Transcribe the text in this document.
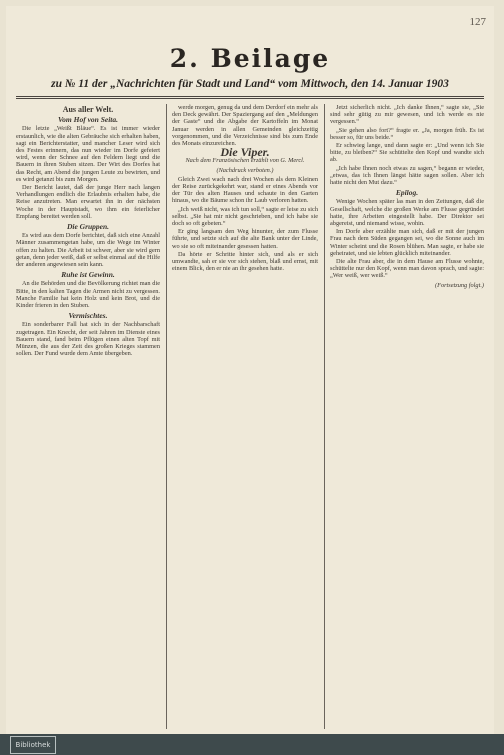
127
2. Beilage
zu № 11 der „Nachrichten für Stadt und Land“ vom Mittwoch, den 14. Januar 1903
Aus aller Welt.
Vom Hof von Seita.

Die letzte „Weißt Bläue“. Es ist immer wieder erstaunlich, wie die alten Gebräuche sich erhalten haben, sagt ein Berichterstatter, und mancher Leser wird sich des Festes erinnern, das nun wieder im Dorfe gefeiert wird, wenn der Schnee auf den Feldern liegt und die Bauern in ihren Stuben sitzen. Der Wirt des Dorfes hat das Recht, am Abend die jungen Leute zu bewirten, und es wird getanzt bis zum Morgen.

Der Bericht lautet, daß der junge Herr nach langen Verhandlungen endlich die Erlaubnis erhalten habe, die Reise anzutreten. Man erwartet ihn in der nächsten Woche in der Hauptstadt, wo ihm ein feierlicher Empfang bereitet werden soll.

Die Gruppen.

Es wird aus dem Dorfe berichtet, daß sich eine Anzahl Männer zusammengetan habe, um die Wege im Winter offen zu halten. Die Arbeit ist schwer, aber sie wird gern getan, denn jeder weiß, daß er selbst einmal auf die Hilfe der anderen angewiesen sein kann.

Ruhe ist Gewinn.

An die Behörden und die Bevölkerung richtet man die Bitte, in den kalten Tagen die Armen nicht zu vergessen. Manche Familie hat kein Holz und kein Brot, und die Kinder frieren in den Stuben.

Vermischtes.

Ein sonderbarer Fall hat sich in der Nachbarschaft zugetragen. Ein Knecht, der seit Jahren im Dienste eines Bauern stand, fand beim Pflügen einen alten Topf mit Münzen, die aus der Zeit des großen Krieges stammen sollen. Der Fund wurde dem Amte übergeben.

werde morgen, genug da und dem Derdorf ein mehr als den Deck gewährt. Der Spaziergang auf den „Meldungen der Gaste“ und die Abgabe der Kartoffeln im Monat Januar werden in allen Gemeinden gleichzeitig vorgenommen, und die Verzeichnisse sind bis zum Ende des Monats einzureichen.

Die Viper.
Nach dem Französischen erzählt von G. Mercl.
(Nachdruck verboten.)

Gleich Zwei wach nach drei Wochen als dem Kleinen der Reise zurückgekehrt war, stand er eines Abends vor der Tür des alten Hauses und schaute in den Garten hinaus, wo die Bäume schon ihr Laub verloren hatten.

„Ich weiß nicht, was ich tun soll,“ sagte er leise zu sich selbst. „Sie hat mir nicht geschrieben, und ich habe sie doch so oft gebeten.“

Er ging langsam den Weg hinunter, der zum Flusse führte, und setzte sich auf die alte Bank unter der Linde, wo sie so oft miteinander gesessen hatten.

Da hörte er Schritte hinter sich, und als er sich umwandte, sah er sie vor sich stehen, blaß und ernst, mit einem Blick, den er nie an ihr gesehen hatte.

Jetzt sicherlich nicht. „Ich danke Ihnen,“ sagte sie, „Sie sind sehr gütig zu mir gewesen, und ich werde es nie vergessen.“

„Sie gehen also fort?“ fragte er. „Ja, morgen früh. Es ist besser so, für uns beide.“

Er schwieg lange, und dann sagte er: „Und wenn ich Sie bitte, zu bleiben?“ Sie schüttelte den Kopf und wandte sich ab.

„Ich habe Ihnen noch etwas zu sagen,“ begann er wieder, „etwas, das ich Ihnen längst hätte sagen sollen. Aber ich hatte nicht den Mut dazu.“

Epilog.

Wenige Wochen später las man in den Zeitungen, daß die Gesellschaft, welche die großen Werke am Flusse gegründet hatte, ihre Arbeiten eingestellt habe. Der Direktor sei abgereist, und niemand wisse, wohin.

Im Dorfe aber erzählte man sich, daß er mit der jungen Frau nach dem Süden gegangen sei, wo die Sonne auch im Winter scheint und die Rosen blühen. Man sagte, er habe sie geheiratet, und sie lebten glücklich miteinander.

Die alte Frau aber, die in dem Hause am Flusse wohnte, schüttelte nur den Kopf, wenn man davon sprach, und sagte: „Wer weiß, wer weiß.“

(Fortsetzung folgt.)

Bibliothek
